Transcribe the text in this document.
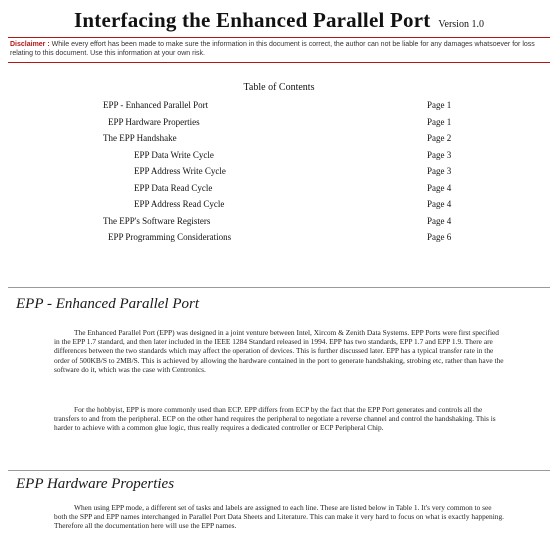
Interfacing the Enhanced Parallel Port Version 1.0
Disclaimer : While every effort has been made to make sure the information in this document is correct, the author can not be liable for any damages whatsoever for loss relating to this document. Use this information at your own risk.
Table of Contents
EPP - Enhanced Parallel Port	Page 1
EPP Hardware Properties	Page 1
The EPP Handshake	Page 2
EPP Data Write Cycle	Page 3
EPP Address Write Cycle	Page 3
EPP Data Read Cycle	Page 4
EPP Address Read Cycle	Page 4
The EPP's Software Registers	Page 4
EPP Programming Considerations	Page 6
EPP - Enhanced Parallel Port

The Enhanced Parallel Port (EPP) was designed in a joint venture between Intel, Xircom & Zenith Data Systems. EPP Ports were first specified in the EPP 1.7 standard, and then later included in the IEEE 1284 Standard released in 1994. EPP has two standards, EPP 1.7 and EPP 1.9. There are differences between the two standards which may affect the operation of devices. This is further discussed later. EPP has a typical transfer rate in the order of 500KB/S to 2MB/S. This is achieved by allowing the hardware contained in the port to generate handshaking, strobing etc, rather than have the software do it, which was the case with Centronics.

For the hobbyist, EPP is more commonly used than ECP. EPP differs from ECP by the fact that the EPP Port generates and controls all the transfers to and from the peripheral. ECP on the other hand requires the peripheral to negotiate a reverse channel and control the handshaking. This is harder to achieve with a common glue logic, thus really requires a dedicated controller or ECP Peripheral Chip.

EPP Hardware Properties

When using EPP mode, a different set of tasks and labels are assigned to each line. These are listed below in Table 1. It's very common to see both the SPP and EPP names interchanged in Parallel Port Data Sheets and Literature. This can make it very hard to focus on what is exactly happening. Therefore all the documentation here will use the EPP names.
